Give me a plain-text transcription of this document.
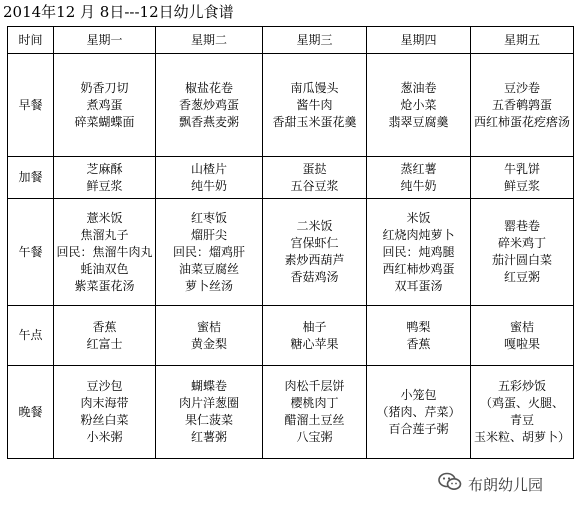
2014年12 月 8日---12日幼儿食谱
时间	星期一	星期二	星期三	星期四	星期五
早餐	奶香刀切
煮鸡蛋
碎菜蝴蝶面	椒盐花卷
香葱炒鸡蛋
飘香燕麦粥	南瓜馒头
酱牛肉
香甜玉米蛋花羹	葱油卷
炝小菜
翡翠豆腐羹	豆沙卷
五香鹌鹑蛋
西红柿蛋花疙瘩汤

加餐	芝麻酥
鲜豆浆	山楂片
纯牛奶	蛋挞
五谷豆浆	蒸红薯
纯牛奶	牛乳饼
鲜豆浆

午餐	薏米饭
焦溜丸子
回民：焦溜牛肉丸
蚝油双色
紫菜蛋花汤	红枣饭
熘肝尖
回民：熘鸡肝
油菜豆腐丝
萝卜丝汤	二米饭
宫保虾仁
素炒西葫芦
香菇鸡汤	米饭
红烧肉炖萝卜
回民：炖鸡腿
西红柿炒鸡蛋
双耳蛋汤	罂巷卷
碎米鸡丁
茄汁圆白菜
红豆粥

午点	香蕉
红富士	蜜桔
黄金梨	柚子
糖心苹果	鸭梨
香蕉	蜜桔
嘎啦果

晚餐	豆沙包
肉末海带
粉丝白菜
小米粥	蝴蝶卷
肉片洋葱圈
果仁菠菜
红薯粥	肉松千层饼
樱桃肉丁
醋溜土豆丝
八宝粥	小笼包
（猪肉、芹菜）
百合莲子粥	五彩炒饭
（鸡蛋、火腿、
青豆
玉米粒、胡萝卜）
布朗幼儿园
